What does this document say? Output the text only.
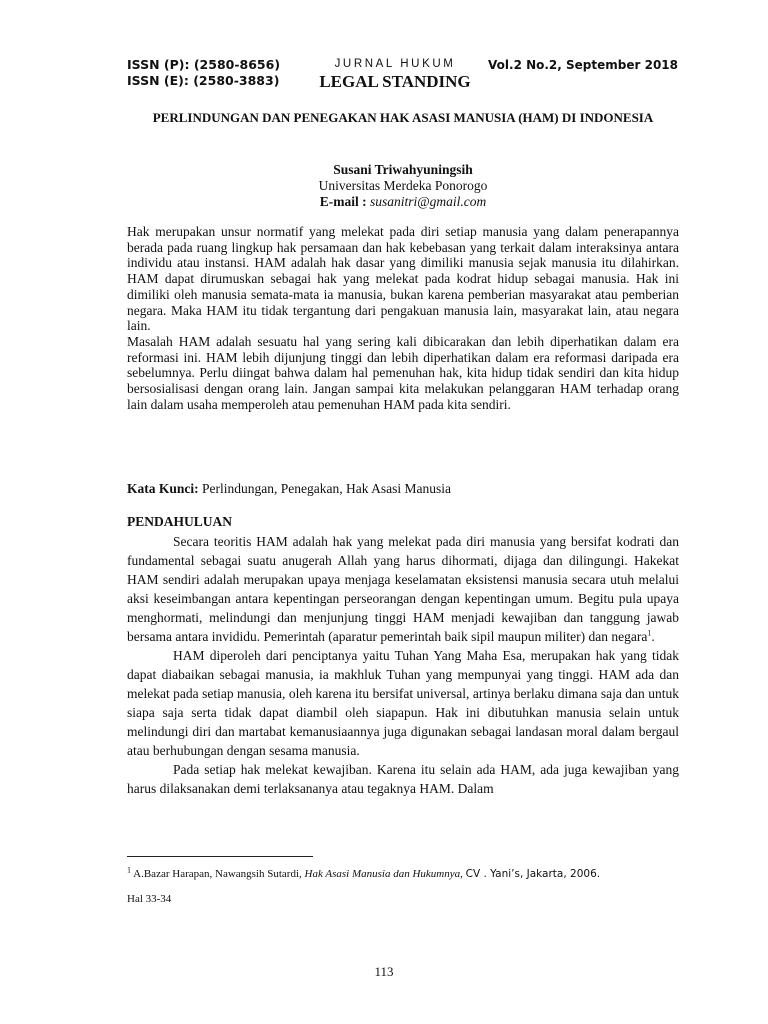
ISSN (P): (2580-8656)
ISSN (E): (2580-3883)
JURNAL HUKUM
LEGAL STANDING
Vol.2 No.2, September 2018
PERLINDUNGAN DAN PENEGAKAN HAK ASASI MANUSIA (HAM) DI INDONESIA
Susani Triwahyuningsih
Universitas Merdeka Ponorogo
E-mail : susanitri@gmail.com

Hak merupakan unsur normatif yang melekat pada diri setiap manusia yang dalam penerapannya berada pada ruang lingkup hak persamaan dan hak kebebasan yang terkait dalam interaksinya antara individu atau instansi. HAM adalah hak dasar yang dimiliki manusia sejak manusia itu dilahirkan. HAM dapat dirumuskan sebagai hak yang melekat pada kodrat hidup sebagai manusia. Hak ini dimiliki oleh manusia semata-mata ia manusia, bukan karena pemberian masyarakat atau pemberian negara. Maka HAM itu tidak tergantung dari pengakuan manusia lain, masyarakat lain, atau negara lain.

Masalah HAM adalah sesuatu hal yang sering kali dibicarakan dan lebih diperhatikan dalam era reformasi ini. HAM lebih dijunjung tinggi dan lebih diperhatikan dalam era reformasi daripada era sebelumnya. Perlu diingat bahwa dalam hal pemenuhan hak, kita hidup tidak sendiri dan kita hidup bersosialisasi dengan orang lain. Jangan sampai kita melakukan pelanggaran HAM terhadap orang lain dalam usaha memperoleh atau pemenuhan HAM pada kita sendiri.

Kata Kunci: Perlindungan, Penegakan, Hak Asasi Manusia
PENDAHULUAN

Secara teoritis HAM adalah hak yang melekat pada diri manusia yang bersifat kodrati dan fundamental sebagai suatu anugerah Allah yang harus dihormati, dijaga dan dilingungi. Hakekat HAM sendiri adalah merupakan upaya menjaga keselamatan eksistensi manusia secara utuh melalui aksi keseimbangan antara kepentingan perseorangan dengan kepentingan umum. Begitu pula upaya menghormati, melindungi dan menjunjung tinggi HAM menjadi kewajiban dan tanggung jawab bersama antara invididu. Pemerintah (aparatur pemerintah baik sipil maupun militer) dan negara$^1$.

HAM diperoleh dari penciptanya yaitu Tuhan Yang Maha Esa, merupakan hak yang tidak dapat diabaikan sebagai manusia, ia makhluk Tuhan yang mempunyai yang tinggi. HAM ada dan melekat pada setiap manusia, oleh karena itu bersifat universal, artinya berlaku dimana saja dan untuk siapa saja serta tidak dapat diambil oleh siapapun. Hak ini dibutuhkan manusia selain untuk melindungi diri dan martabat kemanusiaannya juga digunakan sebagai landasan moral dalam bergaul atau berhubungan dengan sesama manusia.

Pada setiap hak melekat kewajiban. Karena itu selain ada HAM, ada juga kewajiban yang harus dilaksanakan demi terlaksananya atau tegaknya HAM. Dalam

$^1$ A.Bazar Harapan, Nawangsih Sutardi, Hak Asasi Manusia dan Hukumnya, CV . Yani’s, Jakarta, 2006.
Hal 33-34
113
